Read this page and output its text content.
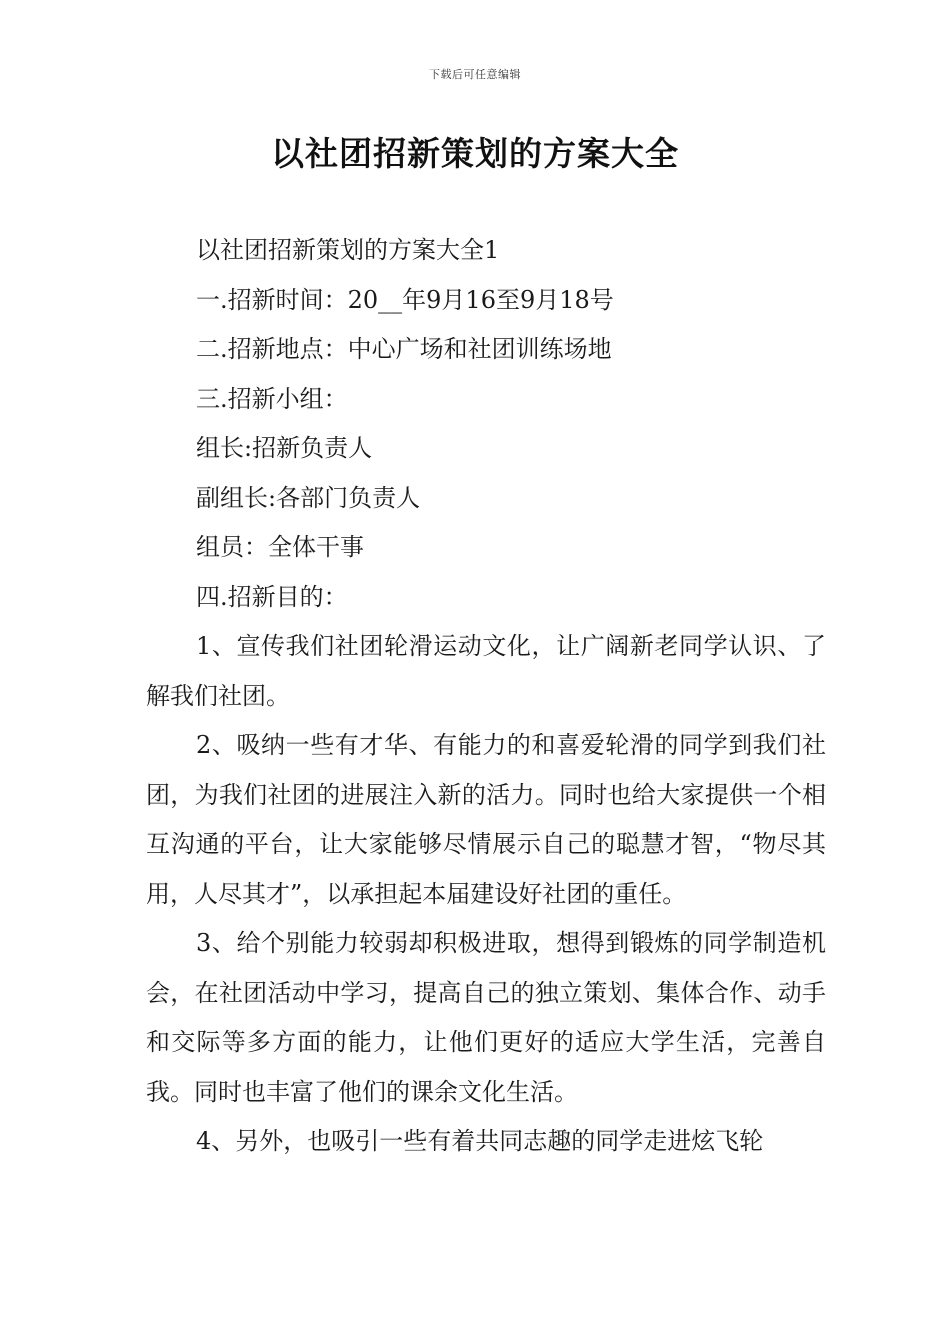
下载后可任意编辑
以社团招新策划的方案大全

以社团招新策划的方案大全1

一.招新时间：20__年9月16至9月18号

二.招新地点：中心广场和社团训练场地

三.招新小组：

组长:招新负责人

副组长:各部门负责人

组员：全体干事

四.招新目的：

1、宣传我们社团轮滑运动文化，让广阔新老同学认识、了解我们社团。

2、吸纳一些有才华、有能力的和喜爱轮滑的同学到我们社团，为我们社团的进展注入新的活力。同时也给大家提供一个相互沟通的平台，让大家能够尽情展示自己的聪慧才智，“物尽其用，人尽其才”，以承担起本届建设好社团的重任。

3、给个别能力较弱却积极进取，想得到锻炼的同学制造机会，在社团活动中学习，提高自己的独立策划、集体合作、动手和交际等多方面的能力，让他们更好的适应大学生活，完善自我。同时也丰富了他们的课余文化生活。

4、另外，也吸引一些有着共同志趣的同学走进炫飞轮
